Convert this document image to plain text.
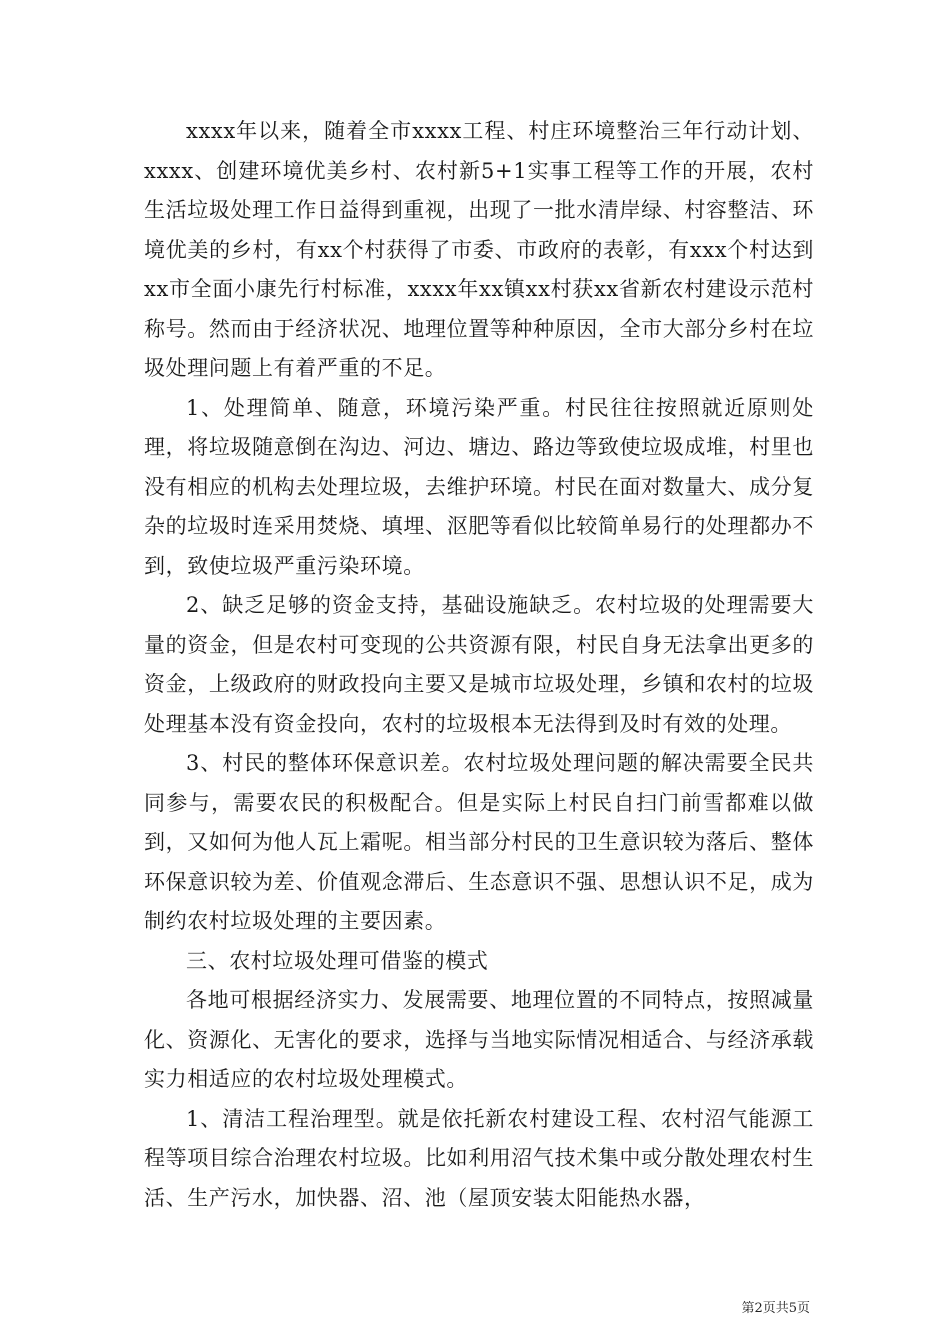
xxxx年以来，随着全市xxxx工程、村庄环境整治三年行动计划、xxxx、创建环境优美乡村、农村新5+1实事工程等工作的开展，农村生活垃圾处理工作日益得到重视，出现了一批水清岸绿、村容整洁、环境优美的乡村，有xx个村获得了市委、市政府的表彰，有xxx个村达到xx市全面小康先行村标准，xxxx年xx镇xx村获xx省新农村建设示范村称号。然而由于经济状况、地理位置等种种原因，全市大部分乡村在垃圾处理问题上有着严重的不足。

1、处理简单、随意，环境污染严重。村民往往按照就近原则处理，将垃圾随意倒在沟边、河边、塘边、路边等致使垃圾成堆，村里也没有相应的机构去处理垃圾，去维护环境。村民在面对数量大、成分复杂的垃圾时连采用焚烧、填埋、沤肥等看似比较简单易行的处理都办不到，致使垃圾严重污染环境。

2、缺乏足够的资金支持，基础设施缺乏。农村垃圾的处理需要大量的资金，但是农村可变现的公共资源有限，村民自身无法拿出更多的资金，上级政府的财政投向主要又是城市垃圾处理，乡镇和农村的垃圾处理基本没有资金投向，农村的垃圾根本无法得到及时有效的处理。

3、村民的整体环保意识差。农村垃圾处理问题的解决需要全民共同参与，需要农民的积极配合。但是实际上村民自扫门前雪都难以做到，又如何为他人瓦上霜呢。相当部分村民的卫生意识较为落后、整体环保意识较为差、价值观念滞后、生态意识不强、思想认识不足，成为制约农村垃圾处理的主要因素。

三、农村垃圾处理可借鉴的模式

各地可根据经济实力、发展需要、地理位置的不同特点，按照减量化、资源化、无害化的要求，选择与当地实际情况相适合、与经济承载实力相适应的农村垃圾处理模式。

1、清洁工程治理型。就是依托新农村建设工程、农村沼气能源工程等项目综合治理农村垃圾。比如利用沼气技术集中或分散处理农村生活、生产污水，加快器、沼、池（屋顶安装太阳能热水器，

第2页共5页
